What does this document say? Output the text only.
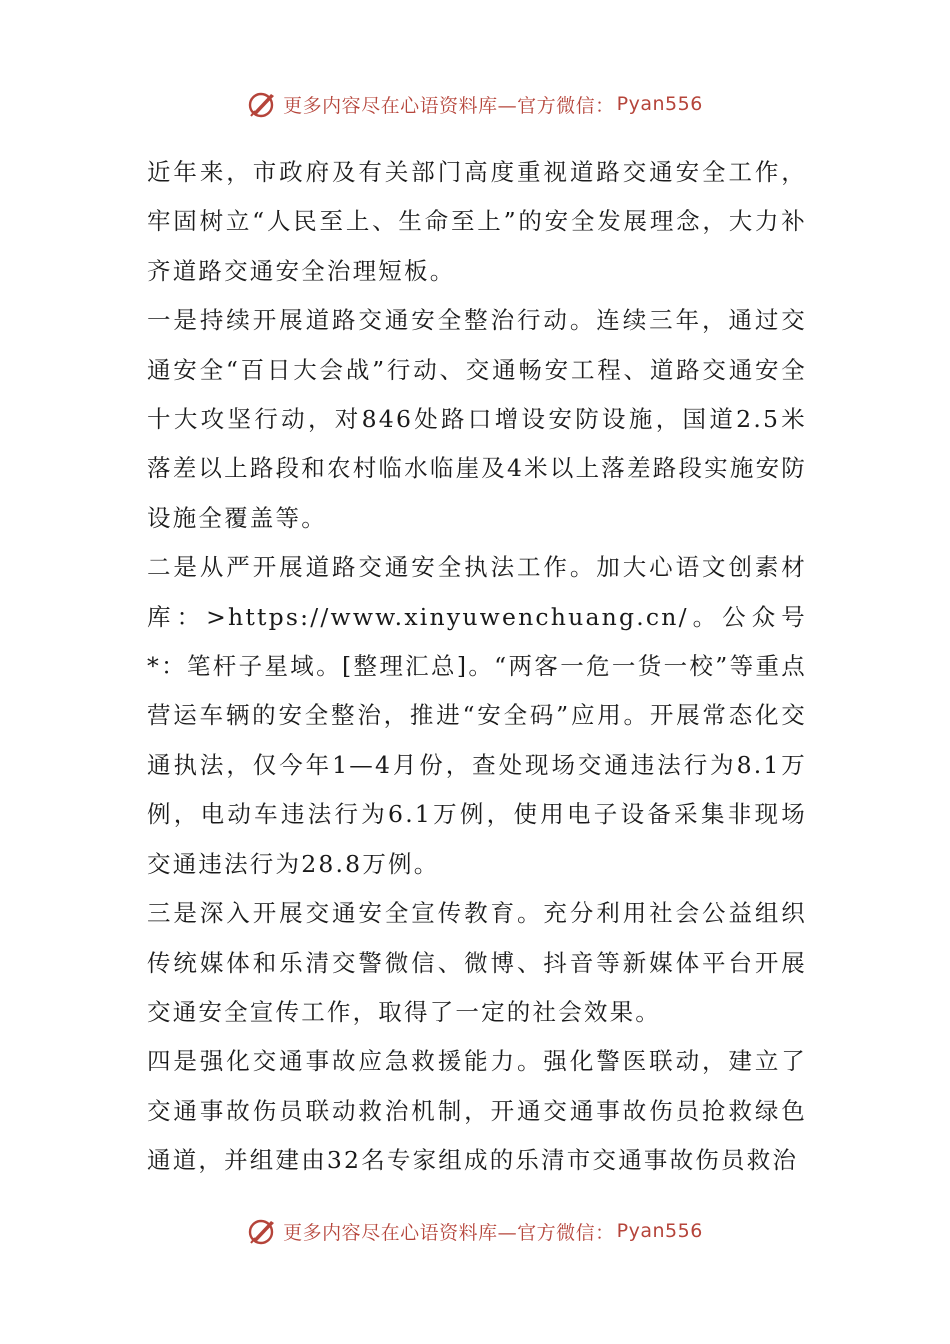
更多内容尽在心语资料库—官方微信： Pyan556

近年来，市政府及有关部门高度重视道路交通安全工作，牢固树立“人民至上、生命至上”的安全发展理念，大力补齐道路交通安全治理短板。

一是持续开展道路交通安全整治行动。连续三年，通过交通安全“百日大会战”行动、交通畅安工程、道路交通安全十大攻坚行动，对846处路口增设安防设施，国道2.5米落差以上路段和农村临水临崖及4米以上落差路段实施安防设施全覆盖等。

二是从严开展道路交通安全执法工作。加大心语文创素材库：>https://www.xinyuwenchuang.cn/。公众号*：笔杆子星域。[整理汇总]。“两客一危一货一校”等重点营运车辆的安全整治，推进“安全码”应用。开展常态化交通执法，仅今年1—4月份，查处现场交通违法行为8.1万例，电动车违法行为6.1万例，使用电子设备采集非现场交通违法行为28.8万例。

三是深入开展交通安全宣传教育。充分利用社会公益组织传统媒体和乐清交警微信、微博、抖音等新媒体平台开展交通安全宣传工作，取得了一定的社会效果。

四是强化交通事故应急救援能力。强化警医联动，建立了交通事故伤员联动救治机制，开通交通事故伤员抢救绿色通道，并组建由32名专家组成的乐清市交通事故伤员救治

更多内容尽在心语资料库—官方微信： Pyan556
